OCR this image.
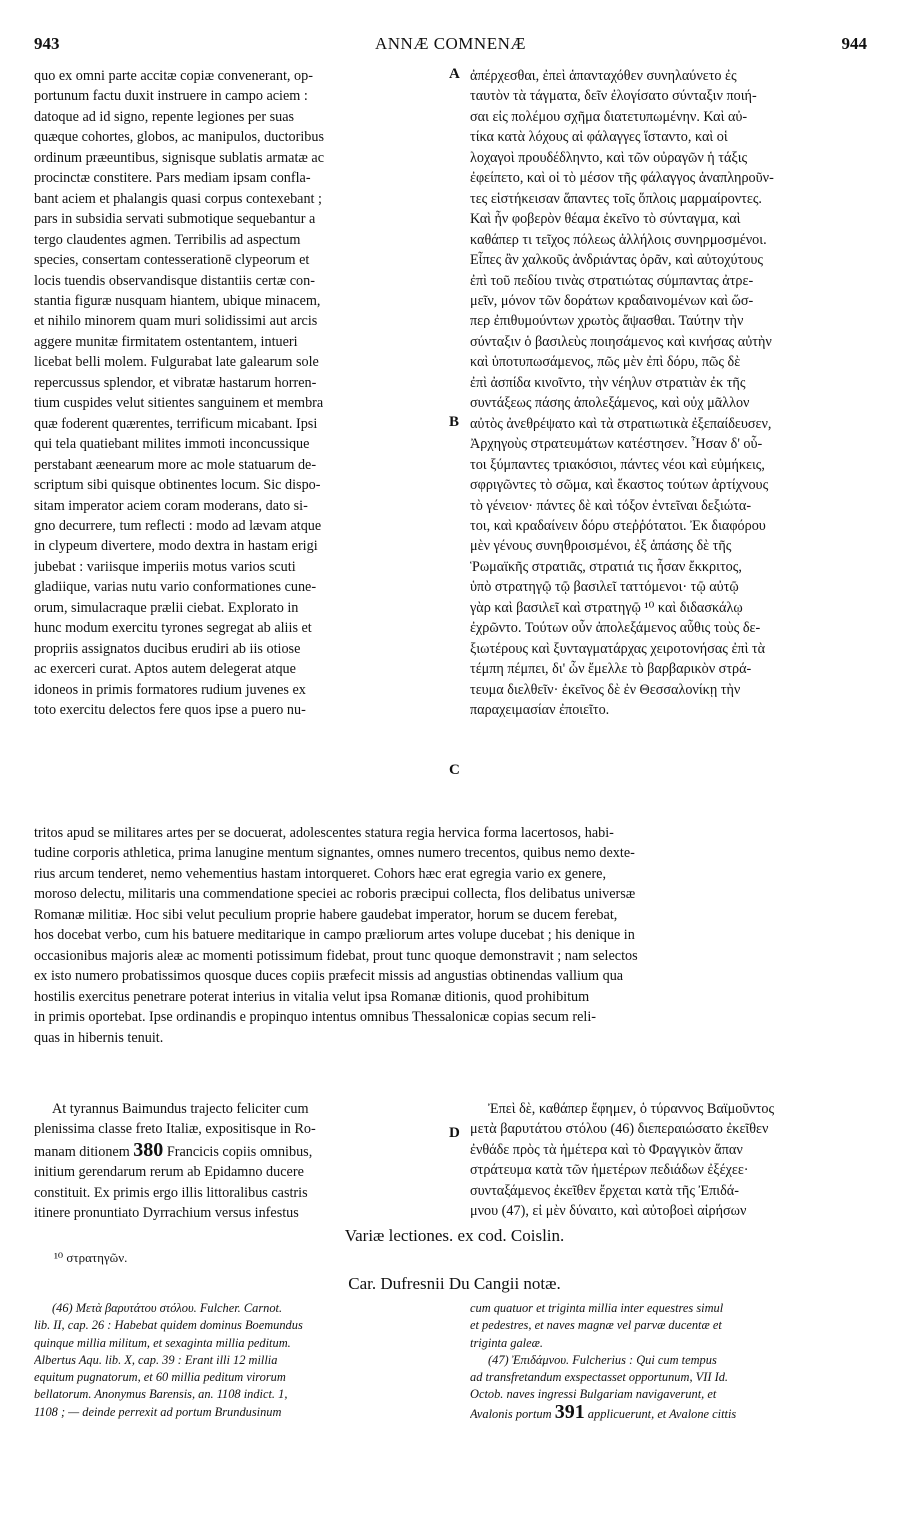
943	ANNÆ COMNENÆ	944
quo ex omni parte accitæ copiæ convenerant, op-
portunum factu duxit instruere in campo aciem :
datoque ad id signo, repente legiones per suas
quæque cohortes, globos, ac manipulos, ductoribus
ordinum præeuntibus, signisque sublatis armatæ ac
procinctæ constitere. Pars mediam ipsam confla-
bant aciem et phalangis quasi corpus contexebant ;
pars in subsidia servati submotique sequebantur a
tergo claudentes agmen. Terribilis ad aspectum
species, consertam contesserationē clypeorum et
locis tuendis observandisque distantiis certæ con-
stantia figuræ nusquam hiantem, ubique minacem,
et nihilo minorem quam muri solidissimi aut arcis
aggere munitæ firmitatem ostentantem, intueri
licebat belli molem. Fulgurabat late galearum sole
repercussus splendor, et vibratæ hastarum horren-
tium cuspides velut sitientes sanguinem et membra
quæ foderent quærentes, terrificum micabant. Ipsi
qui tela quatiebant milites immoti inconcussique
perstabant æenearum more ac mole statuarum de-
scriptum sibi quisque obtinentes locum. Sic dispo-
sitam imperator aciem coram moderans, dato si-
gno decurrere, tum reflecti : modo ad lævam atque
in clypeum divertere, modo dextra in hastam erigi
jubebat : variisque imperiis motus varios scuti
gladiique, varias nutu vario conformationes cune-
orum, simulacraque prælii ciebat. Explorato in
hunc modum exercitu tyrones segregat ab aliis et
propriis assignatos ducibus erudiri ab iis otiose
ac exerceri curat. Aptos autem delegerat atque
idoneos in primis formatores rudium juvenes ex
toto exercitu delectos fere quos ipse a puero nu-
ἀπέρχεσθαι, ἐπεὶ ἁπανταχόθεν συνηλαύνετο ἐς
ταυτὸν τὰ τάγματα, δεῖν ἐλογίσατο σύνταξιν ποιή-
σαι εἰς πολέμου σχῆμα διατετυπωμένην. Καὶ αὐ-
τίκα κατὰ λόχους αἱ φάλαγγες ἵσταντο, καὶ οἱ
λοχαγοὶ προυδέδληντο, καὶ τῶν οὐραγῶν ἡ τάξις
ἐφείπετο, καὶ οἱ τὸ μέσον τῆς φάλαγγος ἀναπληροῦν-
τες εἱστήκεισαν ἅπαντες τοῖς ὅπλοις μαρμαίροντες.
Καὶ ἦν φοβερὸν θέαμα ἐκεῖνο τὸ σύνταγμα, καὶ
καθάπερ τι τεῖχος πόλεως ἀλλήλοις συνηρμοσμένοι.
Εἶπες ἂν χαλκοῦς ἀνδριάντας ὁρᾶν, καὶ αὐτοχύτους
ἐπὶ τοῦ πεδίου τινὰς στρατιώτας σύμπαντας ἀτρε-
μεῖν, μόνον τῶν δοράτων κραδαινομένων καὶ ὥσ-
περ ἐπιθυμούντων χρωτὸς ἅψασθαι. Ταύτην τὴν
σύνταξιν ὁ βασιλεὺς ποιησάμενος καὶ κινήσας αὐτὴν
καὶ ὑποτυπωσάμενος, πῶς μὲν ἐπὶ δόρυ, πῶς δὲ
ἐπὶ ἀσπίδα κινοῖντο, τὴν νέηλυν στρατιὰν ἐκ τῆς
συντάξεως πάσης ἀπολεξάμενος, καὶ οὐχ μᾶλλον
αὐτὸς ἀνεθρέψατο καὶ τὰ στρατιωτικὰ ἐξεπαίδευσεν,
Ἀρχηγοὺς στρατευμάτων κατέστησεν. Ἦσαν δ' οὗ-
τοι ξύμπαντες τριακόσιοι, πάντες νέοι καὶ εὐμήκεις,
σφριγῶντες τὸ σῶμα, καὶ ἕκαστος τούτων ἀρτίχνους
τὸ γένειον· πάντες δὲ καὶ τόξον ἐντεῖναι δεξιώτα-
τοι, καὶ κραδαίνειν δόρυ στεῤῥότατοι. Ἐκ διαφόρου
μὲν γένους συνηθροισμένοι, ἐξ ἁπάσης δὲ τῆς
Ῥωμαϊκῆς στρατιᾶς, στρατιά τις ἦσαν ἔκκριτος,
ὑπὸ στρατηγῷ τῷ βασιλεῖ ταττόμενοι· τῷ αὐτῷ
γὰρ καὶ βασιλεῖ καὶ στρατηγῷ ¹⁰ καὶ διδασκάλῳ
ἐχρῶντο. Τούτων οὖν ἀπολεξάμενος αὖθις τοὺς δε-
ξιωτέρους καὶ ξυνταγματάρχας χειροτονήσας ἐπὶ τὰ
τέμπη πέμπει, δι' ὧν ἔμελλε τὸ βαρβαρικὸν στρά-
τευμα διελθεῖν· ἐκεῖνος δὲ ἐν Θεσσαλονίκῃ τὴν
παραχειμασίαν ἐποιεῖτο.
A
B
C
D
tritos apud se militares artes per se docuerat, adolescentes statura regia hervica forma lacertosos, habi-
tudine corporis athletica, prima lanugine mentum signantes, omnes numero trecentos, quibus nemo dexte-
rius arcum tenderet, nemo vehementius hastam intorqueret. Cohors hæc erat egregia vario ex genere,
moroso delectu, militaris una commendatione speciei ac roboris præcipui collecta, flos delibatus universæ
Romanæ militiæ. Hoc sibi velut peculium proprie habere gaudebat imperator, horum se ducem ferebat,
hos docebat verbo, cum his batuere meditarique in campo præliorum artes volupe ducebat ; his denique in
occasionibus majoris aleæ ac momenti potissimum fidebat, prout tunc quoque demonstravit ; nam selectos
ex isto numero probatissimos quosque duces copiis præfecit missis ad angustias obtinendas vallium qua
hostilis exercitus penetrare poterat interius in vitalia velut ipsa Romanæ ditionis, quod prohibitum
in primis oportebat. Ipse ordinandis e propinquo intentus omnibus Thessalonicæ copias secum reli-
quas in hibernis tenuit.
At tyrannus Baimundus trajecto feliciter cum
plenissima classe freto Italiæ, expositisque in Ro-
manam ditionem 380 Francicis copiis omnibus,
initium gerendarum rerum ab Epidamno ducere
constituit. Ex primis ergo illis littoralibus castris
itinere pronuntiato Dyrrachium versus infestus
Ἐπεὶ δὲ, καθάπερ ἔφημεν, ὁ τύραννος Βαϊμοῦντος
μετὰ βαρυτάτου στόλου (46) διεπεραιώσατο ἐκεῖθεν
ἐνθάδε πρὸς τὰ ἡμέτερα καὶ τὸ Φραγγικὸν ἅπαν
στράτευμα κατὰ τῶν ἡμετέρων πεδιάδων ἐξέχεε·
συνταξάμενος ἐκεῖθεν ἔρχεται κατὰ τῆς Ἐπιδά-
μνου (47), εἰ μὲν δύναιτο, καὶ αὐτοβοεὶ αἱρήσων
Variæ lectiones. ex cod. Coislin.
¹⁰ στρατηγῶν.
Car. Dufresnii Du Cangii notæ.
(46) Μετὰ βαρυτάτου στόλου. Fulcher. Carnot.
lib. II, cap. 26 : Habebat quidem dominus Boemundus
quinque millia militum, et sexaginta millia peditum.
Albertus Aqu. lib. X, cap. 39 : Erant illi 12 millia
equitum pugnatorum, et 60 millia peditum virorum
bellatorum. Anonymus Barensis, an. 1108 indict. 1,
1108 ; — deinde perrexit ad portum Brundusinum
cum quatuor et triginta millia inter equestres simul
et pedestres, et naves magnæ vel parvæ ducentæ et
triginta galeæ.
(47) Ἐπιδάμνου. Fulcherius : Qui cum tempus
ad transfretandum exspectasset opportunum, VII Id.
Octob. naves ingressi Bulgariam navigaverunt, et
Avalonis portum 391 applicuerunt, et Avalone cittis
